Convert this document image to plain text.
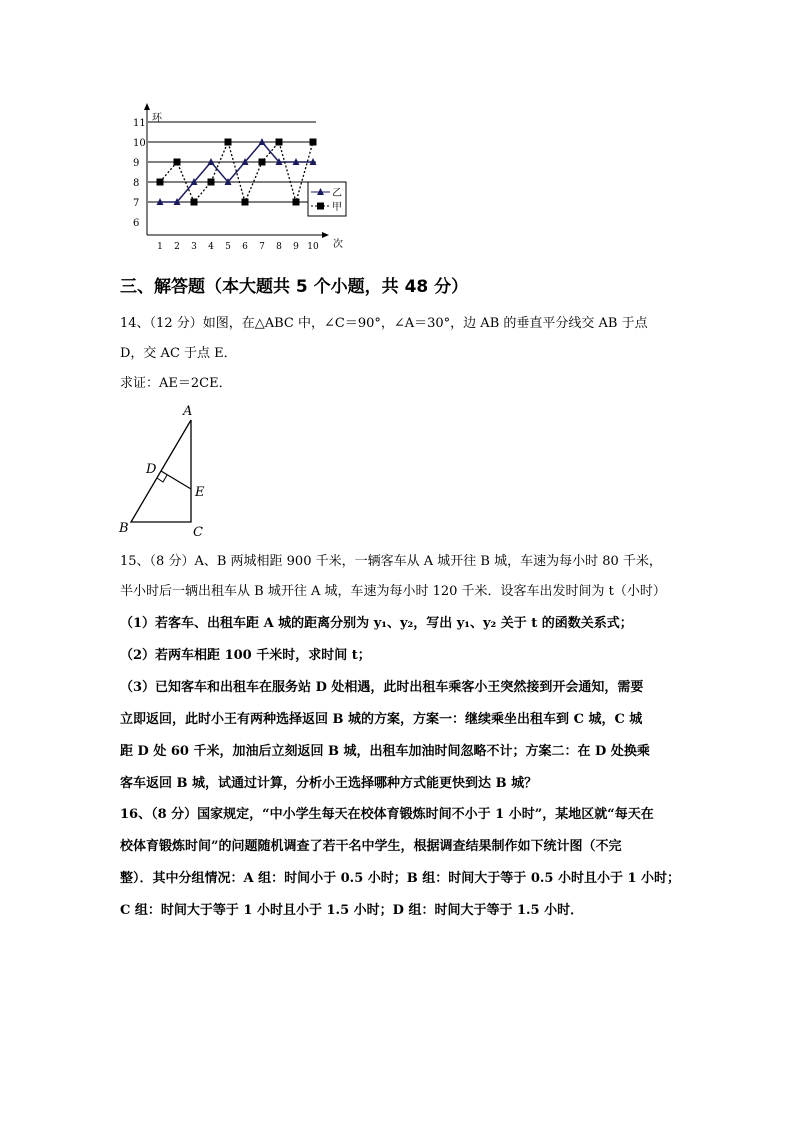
环
次
6
7
8
9
10
11
1 2 3 4 5 6 7 8 9 10
乙
甲
三、解答题（本大题共 5 个小题，共 48 分）
14、（12 分）如图，在△ABC 中，∠C＝90°，∠A＝30°，边 AB 的垂直平分线交 AB 于点
D，交 AC 于点 E．
求证：AE＝2CE．
A
D
E
B	C
15、（8 分）A、B 两城相距 900 千米，一辆客车从 A 城开往 B 城，车速为每小时 80 千米，
半小时后一辆出租车从 B 城开往 A 城，车速为每小时 120 千米．设客车出发时间为 t（小时）
（1）若客车、出租车距 A 城的距离分别为 y₁、y₂，写出 y₁、y₂ 关于 t 的函数关系式；
（2）若两车相距 100 千米时，求时间 t；
（3）已知客车和出租车在服务站 D 处相遇，此时出租车乘客小王突然接到开会通知，需要
立即返回，此时小王有两种选择返回 B 城的方案，方案一：继续乘坐出租车到 C 城，C 城
距 D 处 60 千米，加油后立刻返回 B 城，出租车加油时间忽略不计；方案二：在 D 处换乘
客车返回 B 城，试通过计算，分析小王选择哪种方式能更快到达 B 城？
16、（8 分）国家规定，“中小学生每天在校体育锻炼时间不小于 1 小时”，某地区就“每天在
校体育锻炼时间”的问题随机调查了若干名中学生，根据调查结果制作如下统计图（不完
整）．其中分组情况：A 组：时间小于 0.5 小时；B 组：时间大于等于 0.5 小时且小于 1 小时；
C 组：时间大于等于 1 小时且小于 1.5 小时；D 组：时间大于等于 1.5 小时．
